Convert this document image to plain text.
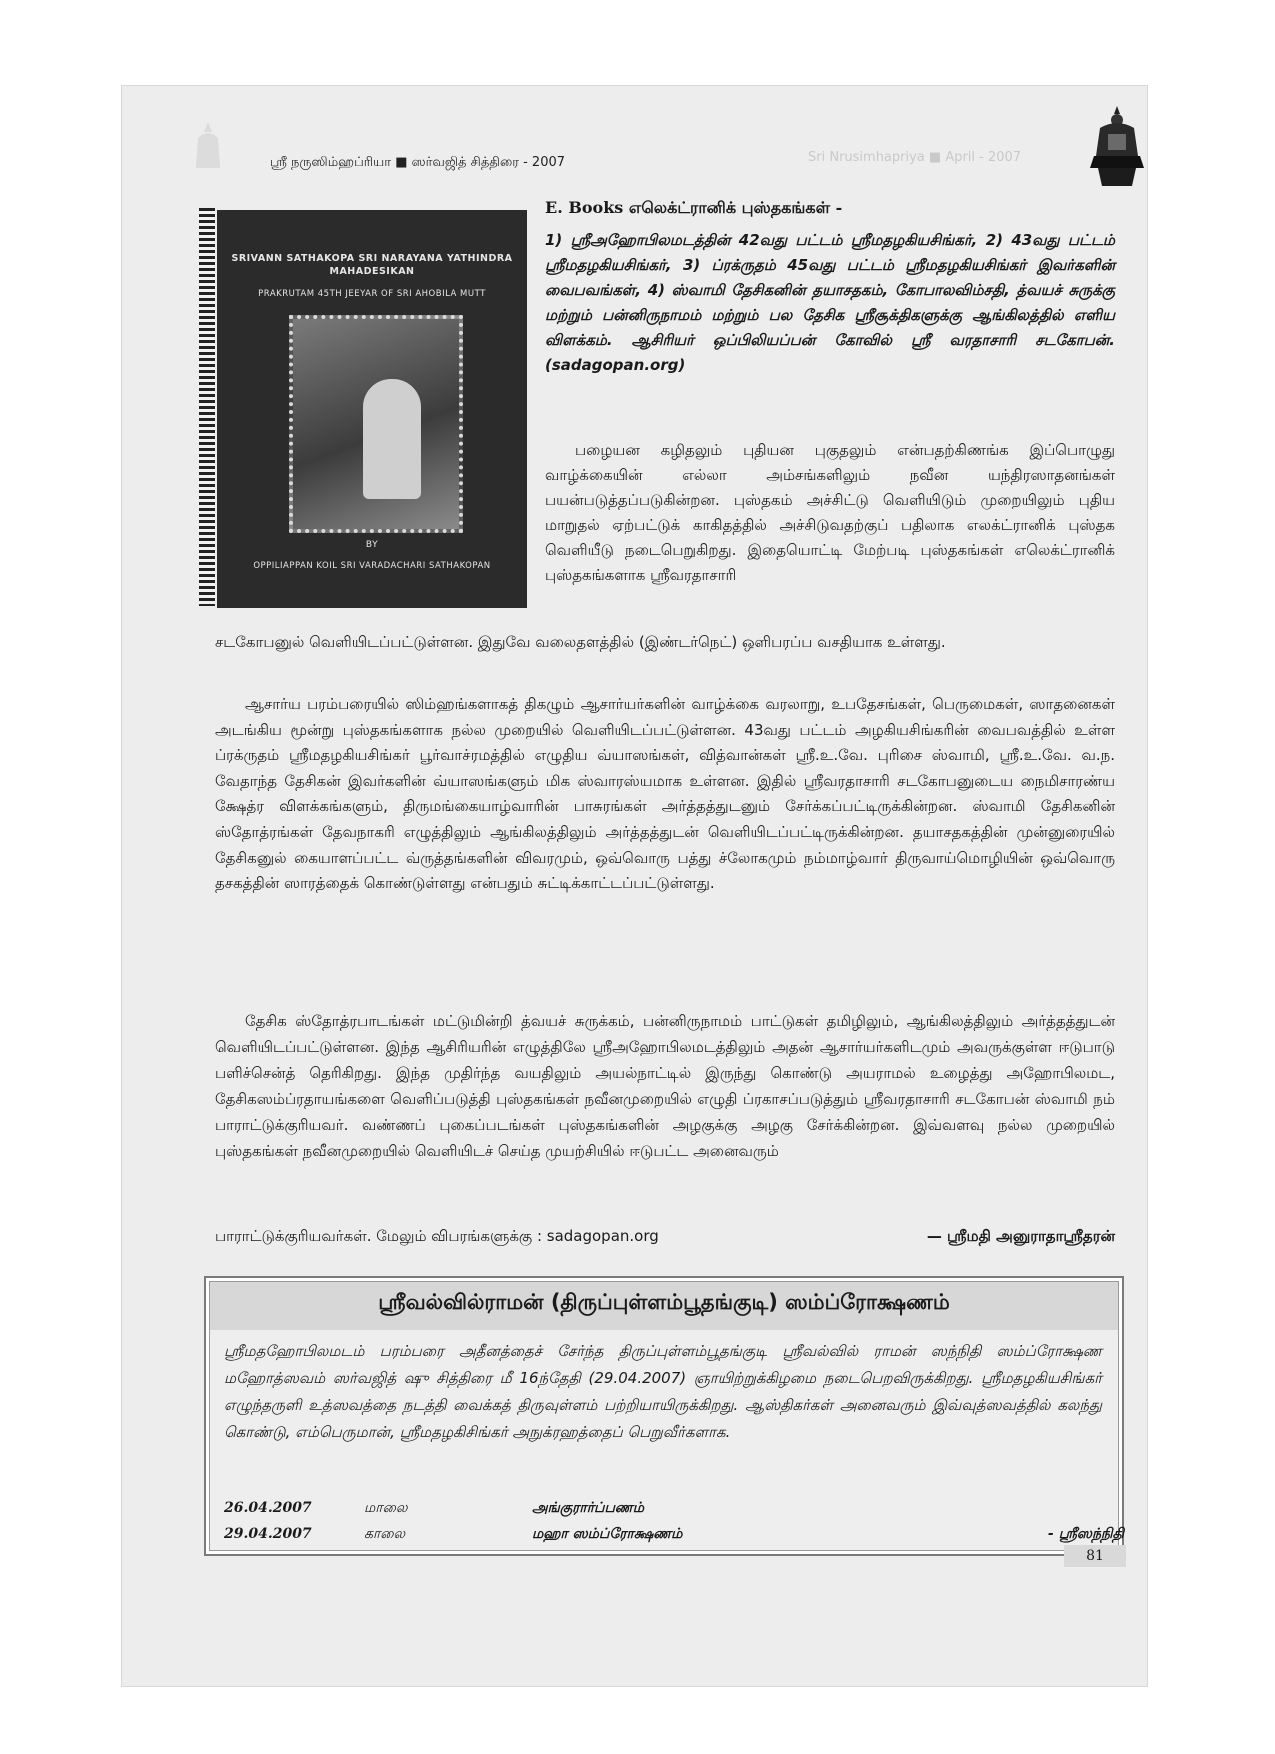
ஸ்ரீ நருஸிம்ஹப்ரியா ■ ஸர்வஜித் சித்திரை - 2007	Sri Nrusimhapriya ■ April - 2007
SRIVANN SATHAKOPA SRI NARAYANA YATHINDRA MAHADESIKAN
PRAKRUTAM 45TH JEEYAR OF SRI AHOBILA MUTT
BY
OPPILIAPPAN KOIL SRI VARADACHARI SATHAKOPAN
E. Books எலெக்ட்ரானிக் புஸ்தகங்கள் -
1) ஸ்ரீஅஹோபிலமடத்தின் 42வது பட்டம் ஸ்ரீமதழகியசிங்கர், 2) 43வது பட்டம் ஸ்ரீமதழகியசிங்கர், 3) ப்ரக்ருதம் 45வது பட்டம் ஸ்ரீமதழகியசிங்கர் இவர்களின் வைபவங்கள், 4) ஸ்வாமி தேசிகனின் தயாசதகம், கோபாலவிம்சதி, த்வயச் சுருக்கு மற்றும் பன்னிருநாமம் மற்றும் பல தேசிக ஸ்ரீசூக்திகளுக்கு ஆங்கிலத்தில் எளிய விளக்கம். ஆசிரியர் ஒப்பிலியப்பன் கோவில் ஸ்ரீ வரதாசாரி சடகோபன். (sadagopan.org)
பழையன கழிதலும் புதியன புகுதலும் என்பதற்கிணங்க இப்பொழுது வாழ்க்கையின் எல்லா அம்சங்களிலும் நவீன யந்திரஸாதனங்கள் பயன்படுத்தப்படுகின்றன. புஸ்தகம் அச்சிட்டு வெளியிடும் முறையிலும் புதிய மாறுதல் ஏற்பட்டுக் காகிதத்தில் அச்சிடுவதற்குப் பதிலாக எலக்ட்ரானிக் புஸ்தக வெளியீடு நடைபெறுகிறது. இதையொட்டி மேற்படி புஸ்தகங்கள் எலெக்ட்ரானிக் புஸ்தகங்களாக ஸ்ரீவரதாசாரி
சடகோபனுல் வெளியிடப்பட்டுள்ளன. இதுவே வலைதளத்தில் (இண்டர்நெட்) ஒளிபரப்ப வசதியாக உள்ளது.
ஆசார்ய பரம்பரையில் ஸிம்ஹங்களாகத் திகழும் ஆசார்யர்களின் வாழ்க்கை வரலாறு, உபதேசங்கள், பெருமைகள், ஸாதனைகள் அடங்கிய மூன்று புஸ்தகங்களாக நல்ல முறையில் வெளியிடப்பட்டுள்ளன. 43வது பட்டம் அழகியசிங்கரின் வைபவத்தில் உள்ள ப்ரக்ருதம் ஸ்ரீமதழகியசிங்கர் பூர்வாச்ரமத்தில் எழுதிய வ்யாஸங்கள், வித்வான்கள் ஸ்ரீ.உ.வே. புரிசை ஸ்வாமி, ஸ்ரீ.உ.வே. வ.ந. வேதாந்த தேசிகன் இவர்களின் வ்யாஸங்களும் மிக ஸ்வாரஸ்யமாக உள்ளன. இதில் ஸ்ரீவரதாசாரி சடகோபனுடைய நைமிசாரண்ய க்ஷேத்ர விளக்கங்களும், திருமங்கையாழ்வாரின் பாசுரங்கள் அர்த்தத்துடனும் சேர்க்கப்பட்டிருக்கின்றன. ஸ்வாமி தேசிகனின் ஸ்தோத்ரங்கள் தேவநாகரி எழுத்திலும் ஆங்கிலத்திலும் அர்த்தத்துடன் வெளியிடப்பட்டிருக்கின்றன. தயாசதகத்தின் முன்னுரையில் தேசிகனுல் கையாளப்பட்ட வ்ருத்தங்களின் விவரமும், ஒவ்வொரு பத்து ச்லோகமும் நம்மாழ்வார் திருவாய்மொழியின் ஒவ்வொரு தசகத்தின் ஸாரத்தைக் கொண்டுள்ளது என்பதும் சுட்டிக்காட்டப்பட்டுள்ளது.
தேசிக ஸ்தோத்ரபாடங்கள் மட்டுமின்றி த்வயச் சுருக்கம், பன்னிருநாமம் பாட்டுகள் தமிழிலும், ஆங்கிலத்திலும் அர்த்தத்துடன் வெளியிடப்பட்டுள்ளன. இந்த ஆசிரியரின் எழுத்திலே ஸ்ரீஅஹோபிலமடத்திலும் அதன் ஆசார்யர்களிடமும் அவருக்குள்ள ஈடுபாடு பளிச்சென்த் தெரிகிறது. இந்த முதிர்ந்த வயதிலும் அயல்நாட்டில் இருந்து கொண்டு அயராமல் உழைத்து அஹோபிலமட, தேசிகஸம்ப்ரதாயங்களை வெளிப்படுத்தி புஸ்தகங்கள் நவீனமுறையில் எழுதி ப்ரகாசப்படுத்தும் ஸ்ரீவரதாசாரி சடகோபன் ஸ்வாமி நம் பாராட்டுக்குரியவர். வண்ணப் புகைப்படங்கள் புஸ்தகங்களின் அழகுக்கு அழகு சேர்க்கின்றன. இவ்வளவு நல்ல முறையில் புஸ்தகங்கள் நவீனமுறையில் வெளியிடச் செய்த முயற்சியில் ஈடுபட்ட அனைவரும்
பாராட்டுக்குரியவர்கள். மேலும் விபரங்களுக்கு : sadagopan.org	— ஸ்ரீமதி அனுராதாஸ்ரீதரன்
ஸ்ரீவல்வில்ராமன் (திருப்புள்ளம்பூதங்குடி) ஸம்ப்ரோக்ஷணம்
ஸ்ரீமதஹோபிலமடம் பரம்பரை அதீனத்தைச் சேர்ந்த திருப்புள்ளம்பூதங்குடி ஸ்ரீவல்வில் ராமன் ஸந்நிதி ஸம்ப்ரோக்ஷண மஹோத்ஸவம் ஸர்வஜித் ஷு சித்திரை மீ 16ந்தேதி (29.04.2007) ஞாயிற்றுக்கிழமை நடைபெறவிருக்கிறது. ஸ்ரீமதழகியசிங்கர் எழுந்தருளி உத்ஸவத்தை நடத்தி வைக்கத் திருவுள்ளம் பற்றியாயிருக்கிறது. ஆஸ்திகர்கள் அனைவரும் இவ்வுத்ஸவத்தில் கலந்து கொண்டு, எம்பெருமான், ஸ்ரீமதழகிசிங்கர் அநுக்ரஹத்தைப் பெறுவீர்களாக.
26.04.2007	மாலை	அங்குரார்ப்பணம்
29.04.2007	காலை	மஹா ஸம்ப்ரோக்ஷணம்	- ஸ்ரீஸந்நிதி
81
